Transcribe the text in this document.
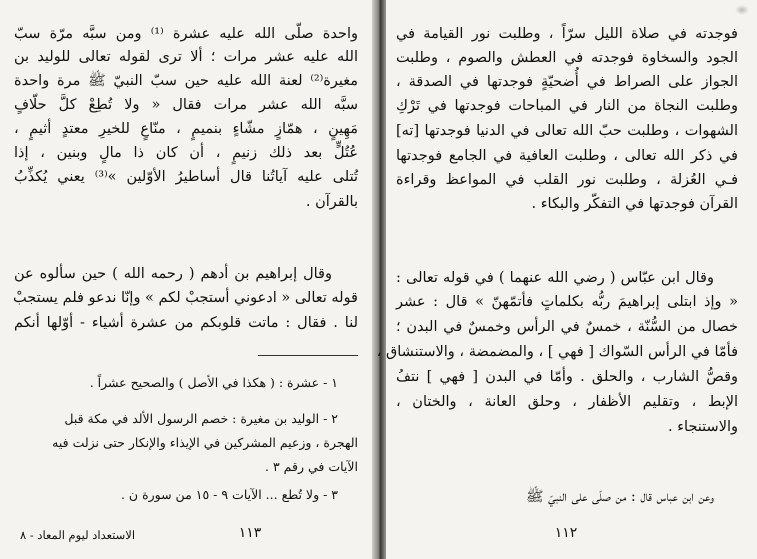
واحدة صلّى الله عليه عشرة ⁽¹⁾ ومن سبَّه مرّة سبّ
الله عليه عشر مرات ؛ ألا ترى لقوله تعالى للوليد بن
مغيرة⁽²⁾ لعنة الله عليه حين سبّ النبيّ ﷺ مرة واحدة
سبَّه الله عشر مرات فقال « ولا تُطِعْ كلَّ حلّافٍ
مَهِينٍ ، همّازٍ مشّاءٍ بنميمٍ ، منّاعٍ للخيرِ معتدٍ أثيمٍ ،
عُتُلٍّ بعد ذلك زنيمٍ ، أن كان ذا مالٍ وبنين ، إذا
تُتلى عليه آياتُنا قال أساطيرُ الأوّلين »⁽³⁾ يعني يُكذِّبُ
بالقرآن .
وقال إبراهيم بن أدهم ( رحمه الله ) حين سألوه عن
قوله تعالى « ادعوني أستجبْ لكم » وإنّا ندعو فلم يستجبْ
لنا . فقال : ماتت قلوبكم من عشرة أشياء - أوّلها أنكم
١ - عشرة : ( هكذا في الأصل ) والصحيح عشراً .
٢ - الوليد بن مغيرة : خصم الرسول الألد في مكة قبل
الهجرة ، وزعيم المشركين في الإيذاء والإنكار حتى نزلت فيه
الآيات في رقم ٣ .
٣ - ولا تُطع ... الآيات ٩ - ١٥ من سورة ن .
١١٣
الاستعداد ليوم المعاد - ٨
فوجدته في صلاة الليل سرّاً ، وطلبت نور القيامة في
الجود والسخاوة فوجدته في العطش والصوم ، وطلبت
الجواز على الصراط في أُضحيّةٍ فوجدتها في الصدقة ،
وطلبت النجاة من النار في المباحات فوجدتها في تَرْكِ
الشهوات ، وطلبت حبّ الله تعالى في الدنيا فوجدتها [ته]
في ذكر الله تعالى ، وطلبت العافية في الجامع فوجدتها
فـي العُزلة ، وطلبت نور القلب في المواعظ وقراءة
القرآن فوجدتها في التفكّر والبكاء .
وقال ابن عبّاس ( رضي الله عنهما ) في قوله تعالى :
« وإذ ابتلى إبراهيمَ ربُّه بكلماتٍ فأتمّهنّ » قال : عشر
خصال من السُّنّة ، خمسٌ في الرأس وخمسٌ في البدن ؛
فأمّا في الرأس السّواك [ فهي ] ، والمضمضة ، والاستنشاق ،
وقصُّ الشارب ، والحلق . وأمّا في البدن [ فهي ] نتفُ
الإبط ، وتقليم الأظفار ، وحلق العانة ، والختان ،
والاستنجاء .
وعن ابن عباس قال : من صلّى على النبيّ ﷺ
١١٢
